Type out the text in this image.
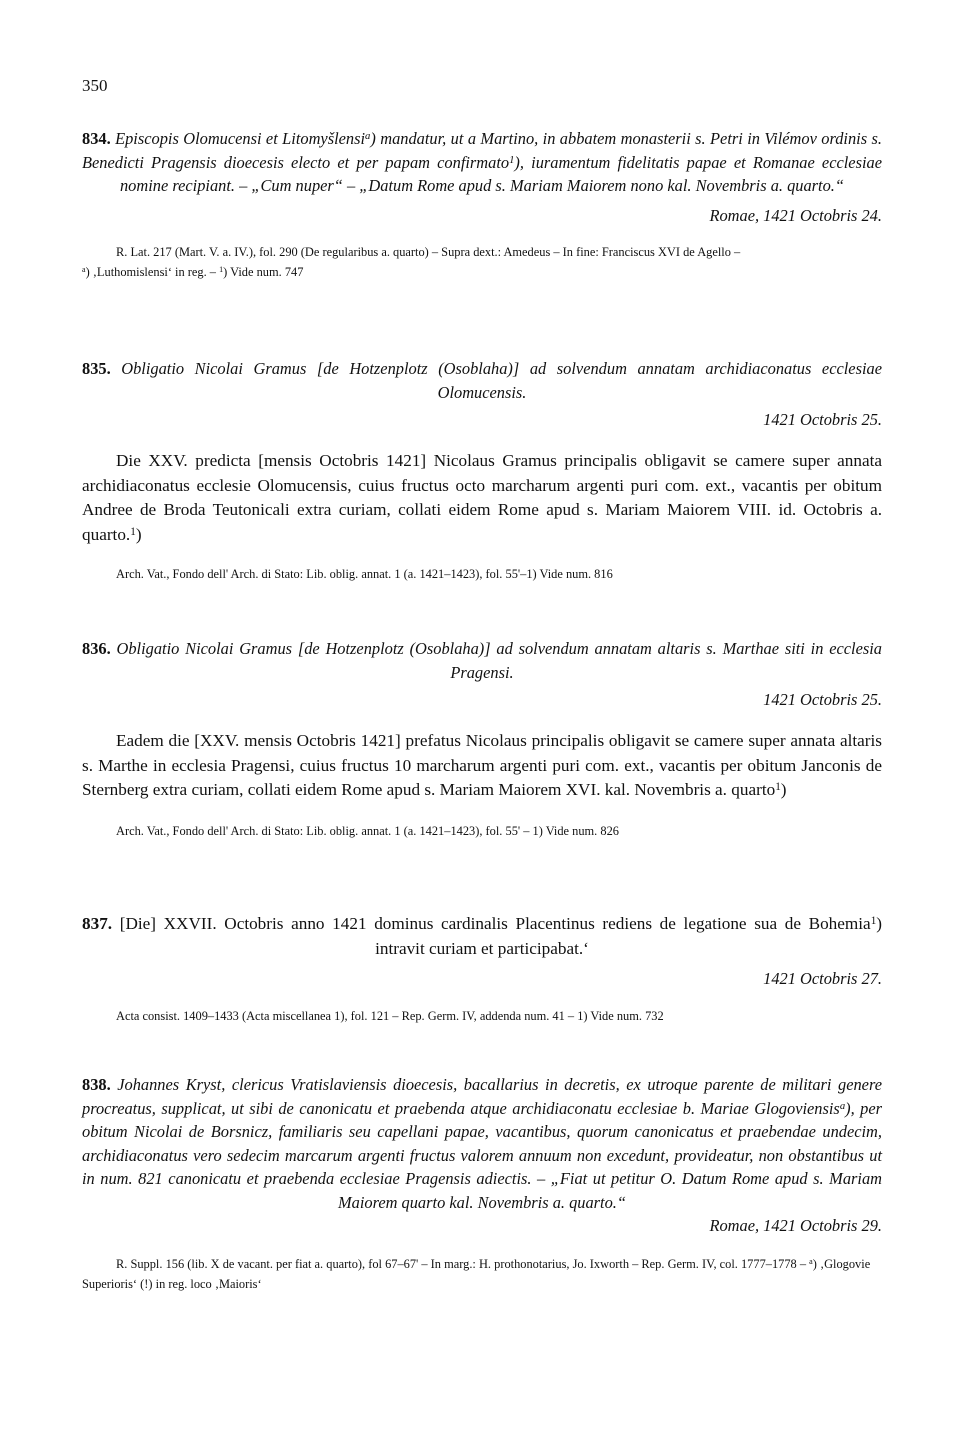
350

834. Episcopis Olomucensi et Litomyšlensi$^a$) mandatur, ut a Martino, in abbatem monasterii s. Petri in Vilémov ordinis s. Benedicti Pragensis dioecesis electo et per papam confirmato$^1$), iuramentum fidelitatis papae et Romanae ecclesiae nomine recipiant. – „Cum nuper“ – „Datum Rome apud s. Mariam Maiorem nono kal. Novembris a. quarto.“

Romae, 1421 Octobris 24.

R. Lat. 217 (Mart. V. a. IV.), fol. 290 (De regularibus a. quarto) – Supra dext.: Amedeus – In fine: Franciscus XVI de Agello –
$^a$) ‚Luthomislensi‘ in reg. – $^1$) Vide num. 747

835. Obligatio Nicolai Gramus [de Hotzenplotz (Osoblaha)] ad solvendum annatam archidiaconatus ecclesiae Olomucensis.

1421 Octobris 25.

Die XXV. predicta [mensis Octobris 1421] Nicolaus Gramus principalis obligavit se camere super annata archidiaconatus ecclesie Olomucensis, cuius fructus octo marcharum argenti puri com. ext., vacantis per obitum Andree de Broda Teutonicali extra curiam, collati eidem Rome apud s. Mariam Maiorem VIII. id. Octobris a. quarto.$^1$)

Arch. Vat., Fondo dell' Arch. di Stato: Lib. oblig. annat. 1 (a. 1421–1423), fol. 55'–1) Vide num. 816

836. Obligatio Nicolai Gramus [de Hotzenplotz (Osoblaha)] ad solvendum annatam altaris s. Marthae siti in ecclesia Pragensi.

1421 Octobris 25.

Eadem die [XXV. mensis Octobris 1421] prefatus Nicolaus principalis obligavit se camere super annata altaris s. Marthe in ecclesia Pragensi, cuius fructus 10 marcharum argenti puri com. ext., vacantis per obitum Janconis de Sternberg extra curiam, collati eidem Rome apud s. Mariam Maiorem XVI. kal. Novembris a. quarto$^1$)

Arch. Vat., Fondo dell' Arch. di Stato: Lib. oblig. annat. 1 (a. 1421–1423), fol. 55' – 1) Vide num. 826

837. [Die] XXVII. Octobris anno 1421 dominus cardinalis Placentinus rediens de legatione sua de Bohemia$^1$) intravit curiam et participabat.‘

1421 Octobris 27.

Acta consist. 1409–1433 (Acta miscellanea 1), fol. 121 – Rep. Germ. IV, addenda num. 41 – 1) Vide num. 732

838. Johannes Kryst, clericus Vratislaviensis dioecesis, bacallarius in decretis, ex utroque parente de militari genere procreatus, supplicat, ut sibi de canonicatu et praebenda atque archidiaconatu ecclesiae b. Mariae Glogoviensis$^a$), per obitum Nicolai de Borsnicz, familiaris seu capellani papae, vacantibus, quorum canonicatus et praebendae undecim, archidiaconatus vero sedecim marcarum argenti fructus valorem annuum non excedunt, provideatur, non obstantibus ut in num. 821 canonicatu et praebenda ecclesiae Pragensis adiectis. – „Fiat ut petitur O. Datum Rome apud s. Mariam Maiorem quarto kal. Novembris a. quarto.“

Romae, 1421 Octobris 29.

R. Suppl. 156 (lib. X de vacant. per fiat a. quarto), fol 67–67' – In marg.: H. prothonotarius, Jo. Ixworth – Rep. Germ. IV, col. 1777–1778 – $^a$) ‚Glogovie Superioris‘ (!) in reg. loco ‚Maioris‘
